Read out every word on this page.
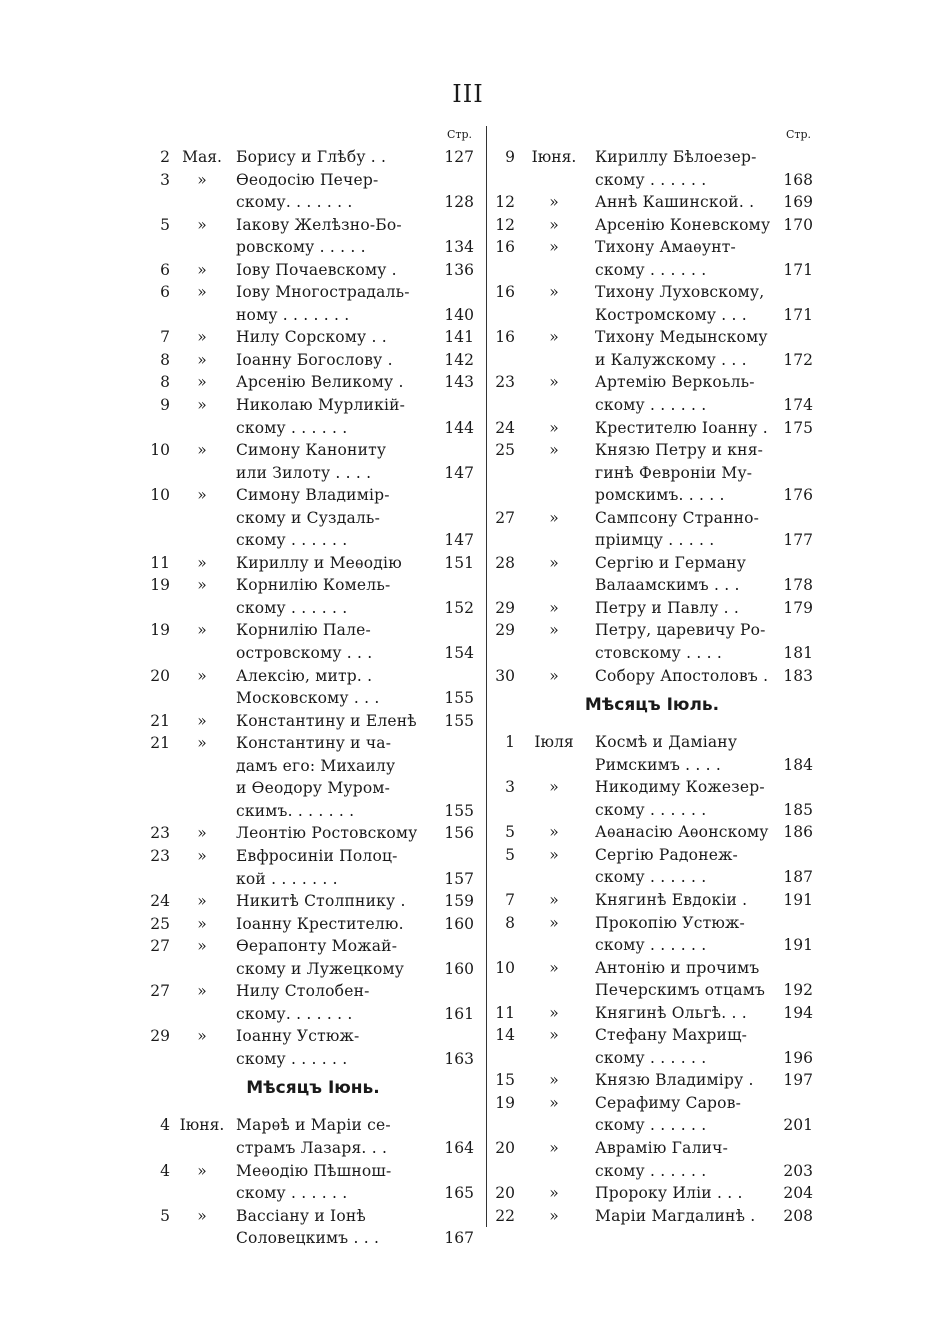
III
Стр.
2 Мая. Борису и Глѣбу . .	127
3	»	Ѳеодосію Печер-
скому. . . . . . .	128
5	»	Іакову Желѣзно-Бо-
ровскому . . . . .	134
6	»	Іову Почаевскому .	136
6	»	Іову Многострадаль-
ному . . . . . . .	140
7	»	Нилу Сорскому . .	141
8	»	Іоанну Богослову .	142
8	»	Арсенію Великому .	143
9	»	Николаю Мурликій-
скому . . . . . .	144
10	»	Симону Канониту
или Зилоту . . . .	147
10	»	Симону Владимір-
скому и Суздаль-
скому . . . . . .	147
11	»	Кириллу и Меѳодію	151
19	»	Корнилію Комель-
скому . . . . . .	152
19	»	Корнилію Пале-
островскому . . .	154
20	»	Алексію, митр. .
Московскому . . .	155
21	»	Константину и Еленѣ	155
21	»	Константину и ча-
дамъ его: Михаилу
и Ѳеодору Муром-
скимъ. . . . . . .	155
23	»	Леонтію Ростовскому	156
23	»	Евфросиніи Полоц-
кой . . . . . . .	157
24	»	Никитѣ Столпнику .	159
25	»	Іоанну Крестителю.	160
27	»	Ѳерапонту Можай-
скому и Лужецкому	160
27	»	Нилу Столобен-
скому. . . . . . .	161
29	»	Іоанну Устюж-
скому . . . . . .	163
Мѣсяцъ Іюнь.
4 Іюня. Марѳѣ и Маріи се-
страмъ Лазаря. . .	164
4	»	Меѳодію Пѣшнош-
скому . . . . . .	165
5	»	Вассіану и Іонѣ
Соловецкимъ . . .	167
Стр.
9	Іюня.	Кириллу Бѣлоезер-
скому . . . . . .	168
12	»	Аннѣ Кашинской. .	169
12	»	Арсенію Коневскому 170
16	»	Тихону Амаѳунт-
скому . . . . . .	171
16	»	Тихону Луховскому,
Костромскому . . .	171
16	»	Тихону Медынскому
и Калужскому . . .	172
23	»	Артемію Веркоьль-
скому . . . . . .	174
24	»	Крестителю Іоанну .	175
25	»	Князю Петру и кня-
гинѣ Февроніи Му-
ромскимъ. . . . .	176
27	»	Сампсону Странно-
пріимцу . . . . .	177
28	»	Сергію и Герману
Валаамскимъ . . .	178
29	»	Петру и Павлу . .	179
29	»	Петру, царевичу Ро-
стовскому . . . .	181
30	»	Собору Апостоловъ . 183
Мѣсяцъ Іюль.
1	Іюля	Космѣ и Даміану
Римскимъ . . . .	184
3	»	Никодиму Кожезер-
скому . . . . . .	185
5	»	Аѳанасію Аѳонскому 186
5	»	Сергію Радонеж-
скому . . . . . .	187
7	»	Княгинѣ Евдокіи .	191
8	»	Прокопію Устюж-
скому . . . . . .	191
10	»	Антонію и прочимъ
Печерскимъ отцамъ	192
11	»	Княгинѣ Ольгѣ. . .	194
14	»	Стефану Махрищ-
скому . . . . . .	196
15	»	Князю Владиміру .	197
19	»	Серафиму Саров-
скому . . . . . .	201
20	»	Аврамію Галич-
скому . . . . . .	203
20	»	Пророку Иліи . . .	204
22	»	Маріи Магдалинѣ .	208
